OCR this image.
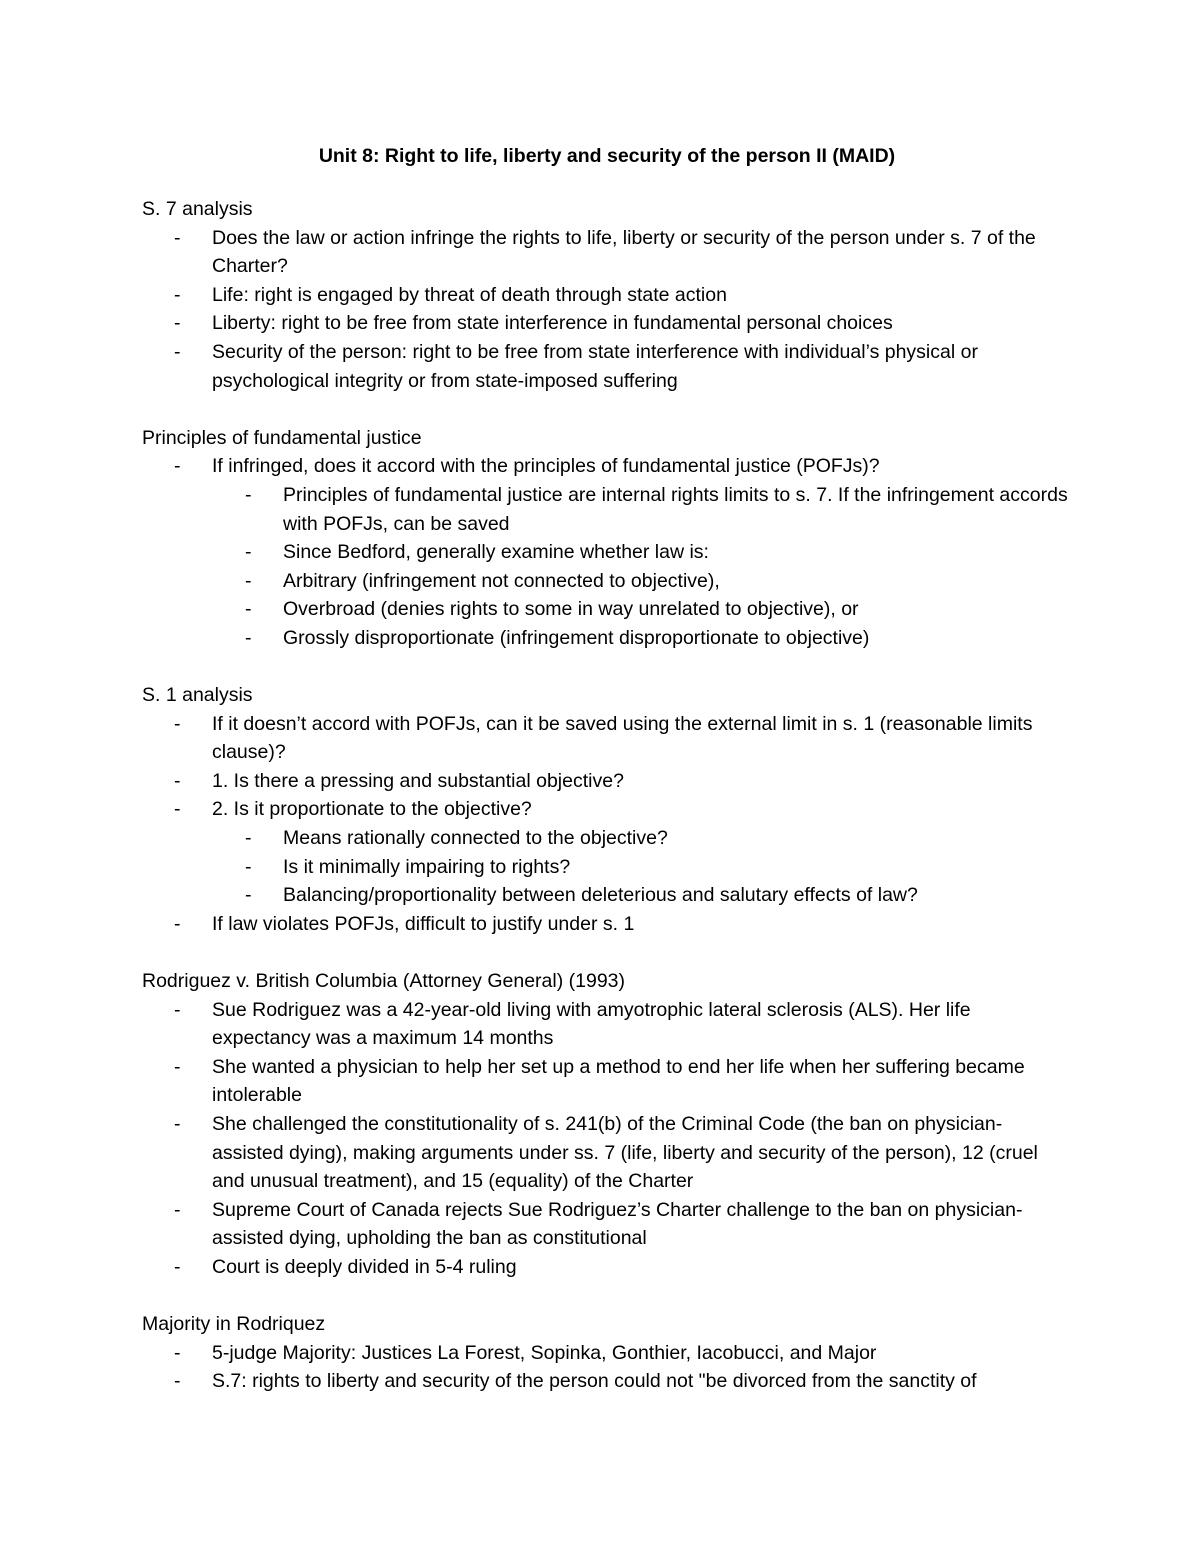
Unit 8: Right to life, liberty and security of the person II (MAID)
S. 7 analysis
- Does the law or action infringe the rights to life, liberty or security of the person under s. 7 of the Charter?
- Life: right is engaged by threat of death through state action
- Liberty: right to be free from state interference in fundamental personal choices
- Security of the person: right to be free from state interference with individual’s physical or psychological integrity or from state-imposed suffering
Principles of fundamental justice
- If infringed, does it accord with the principles of fundamental justice (POFJs)?
- Principles of fundamental justice are internal rights limits to s. 7. If the infringement accords with POFJs, can be saved
- Since Bedford, generally examine whether law is:
- Arbitrary (infringement not connected to objective),
- Overbroad (denies rights to some in way unrelated to objective), or
- Grossly disproportionate (infringement disproportionate to objective)
S. 1 analysis
- If it doesn’t accord with POFJs, can it be saved using the external limit in s. 1 (reasonable limits clause)?
- 1. Is there a pressing and substantial objective?
- 2. Is it proportionate to the objective?
- Means rationally connected to the objective?
- Is it minimally impairing to rights?
- Balancing/proportionality between deleterious and salutary effects of law?
- If law violates POFJs, difficult to justify under s. 1
Rodriguez v. British Columbia (Attorney General) (1993)
- Sue Rodriguez was a 42-year-old living with amyotrophic lateral sclerosis (ALS). Her life expectancy was a maximum 14 months
- She wanted a physician to help her set up a method to end her life when her suffering became intolerable
- She challenged the constitutionality of s. 241(b) of the Criminal Code (the ban on physician-assisted dying), making arguments under ss. 7 (life, liberty and security of the person), 12 (cruel and unusual treatment), and 15 (equality) of the Charter
- Supreme Court of Canada rejects Sue Rodriguez’s Charter challenge to the ban on physician-assisted dying, upholding the ban as constitutional
- Court is deeply divided in 5-4 ruling
Majority in Rodriquez
- 5-judge Majority: Justices La Forest, Sopinka, Gonthier, Iacobucci, and Major
- S.7: rights to liberty and security of the person could not "be divorced from the sanctity of
